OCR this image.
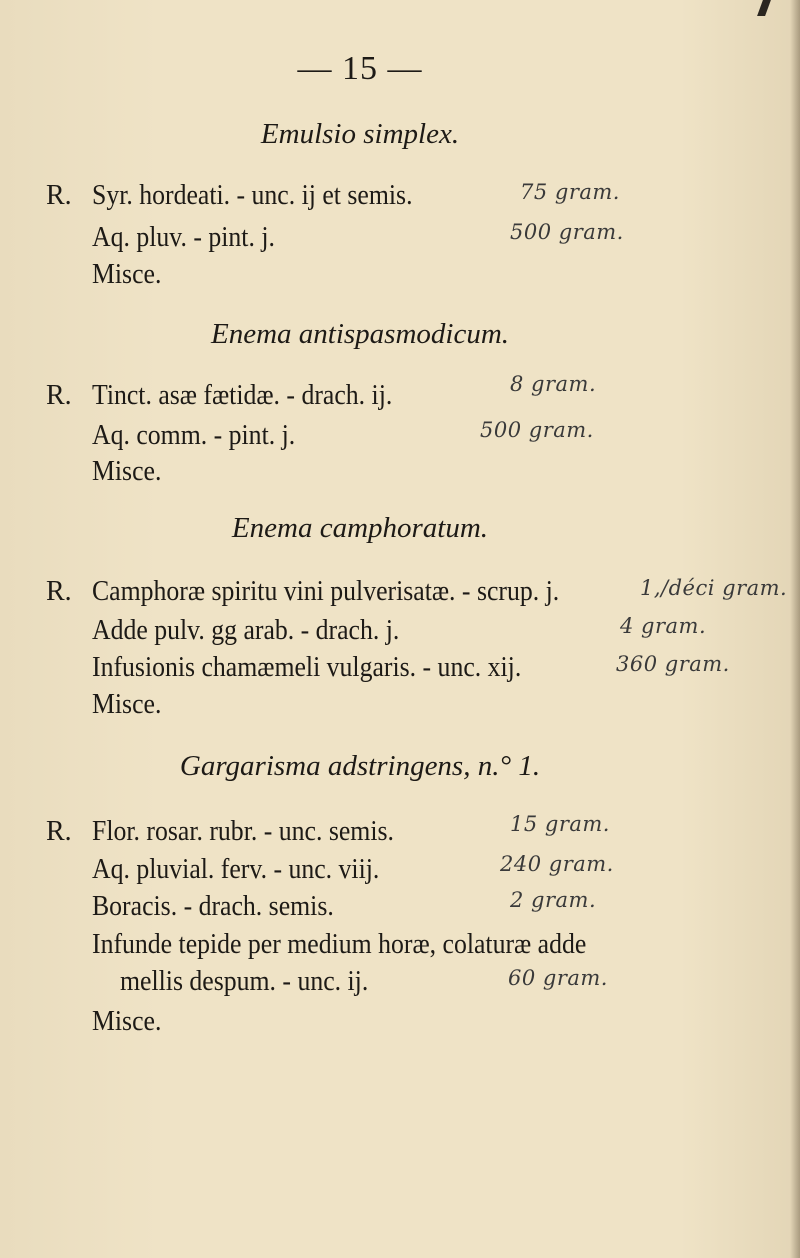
— 15 —
Emulsio simplex.
R. Syr. hordeati. - unc. ij et semis.
Aq. pluv. - pint. j.
Misce.
75 gram.
500 gram.
Enema antispasmodicum.
R. Tinct. asæ fætidæ. - drach. ij.
Aq. comm. - pint. j.
Misce.
8 gram.
500 gram.
Enema camphoratum.
R. Camphoræ spiritu vini pulverisatæ. - scrup. j.
Adde pulv. gg arab. - drach. j.
Infusionis chamæmeli vulgaris. - unc. xij.
Misce.
1,/déci gram.
4 gram.
360 gram.
Gargarisma adstringens, n.° 1.
R. Flor. rosar. rubr. - unc. semis.
Aq. pluvial. ferv. - unc. viij.
Boracis. - drach. semis.
Infunde tepide per medium horæ, colaturæ adde
mellis despum. - unc. ij.
Misce.
15 gram.
240 gram.
2 gram.
60 gram.
